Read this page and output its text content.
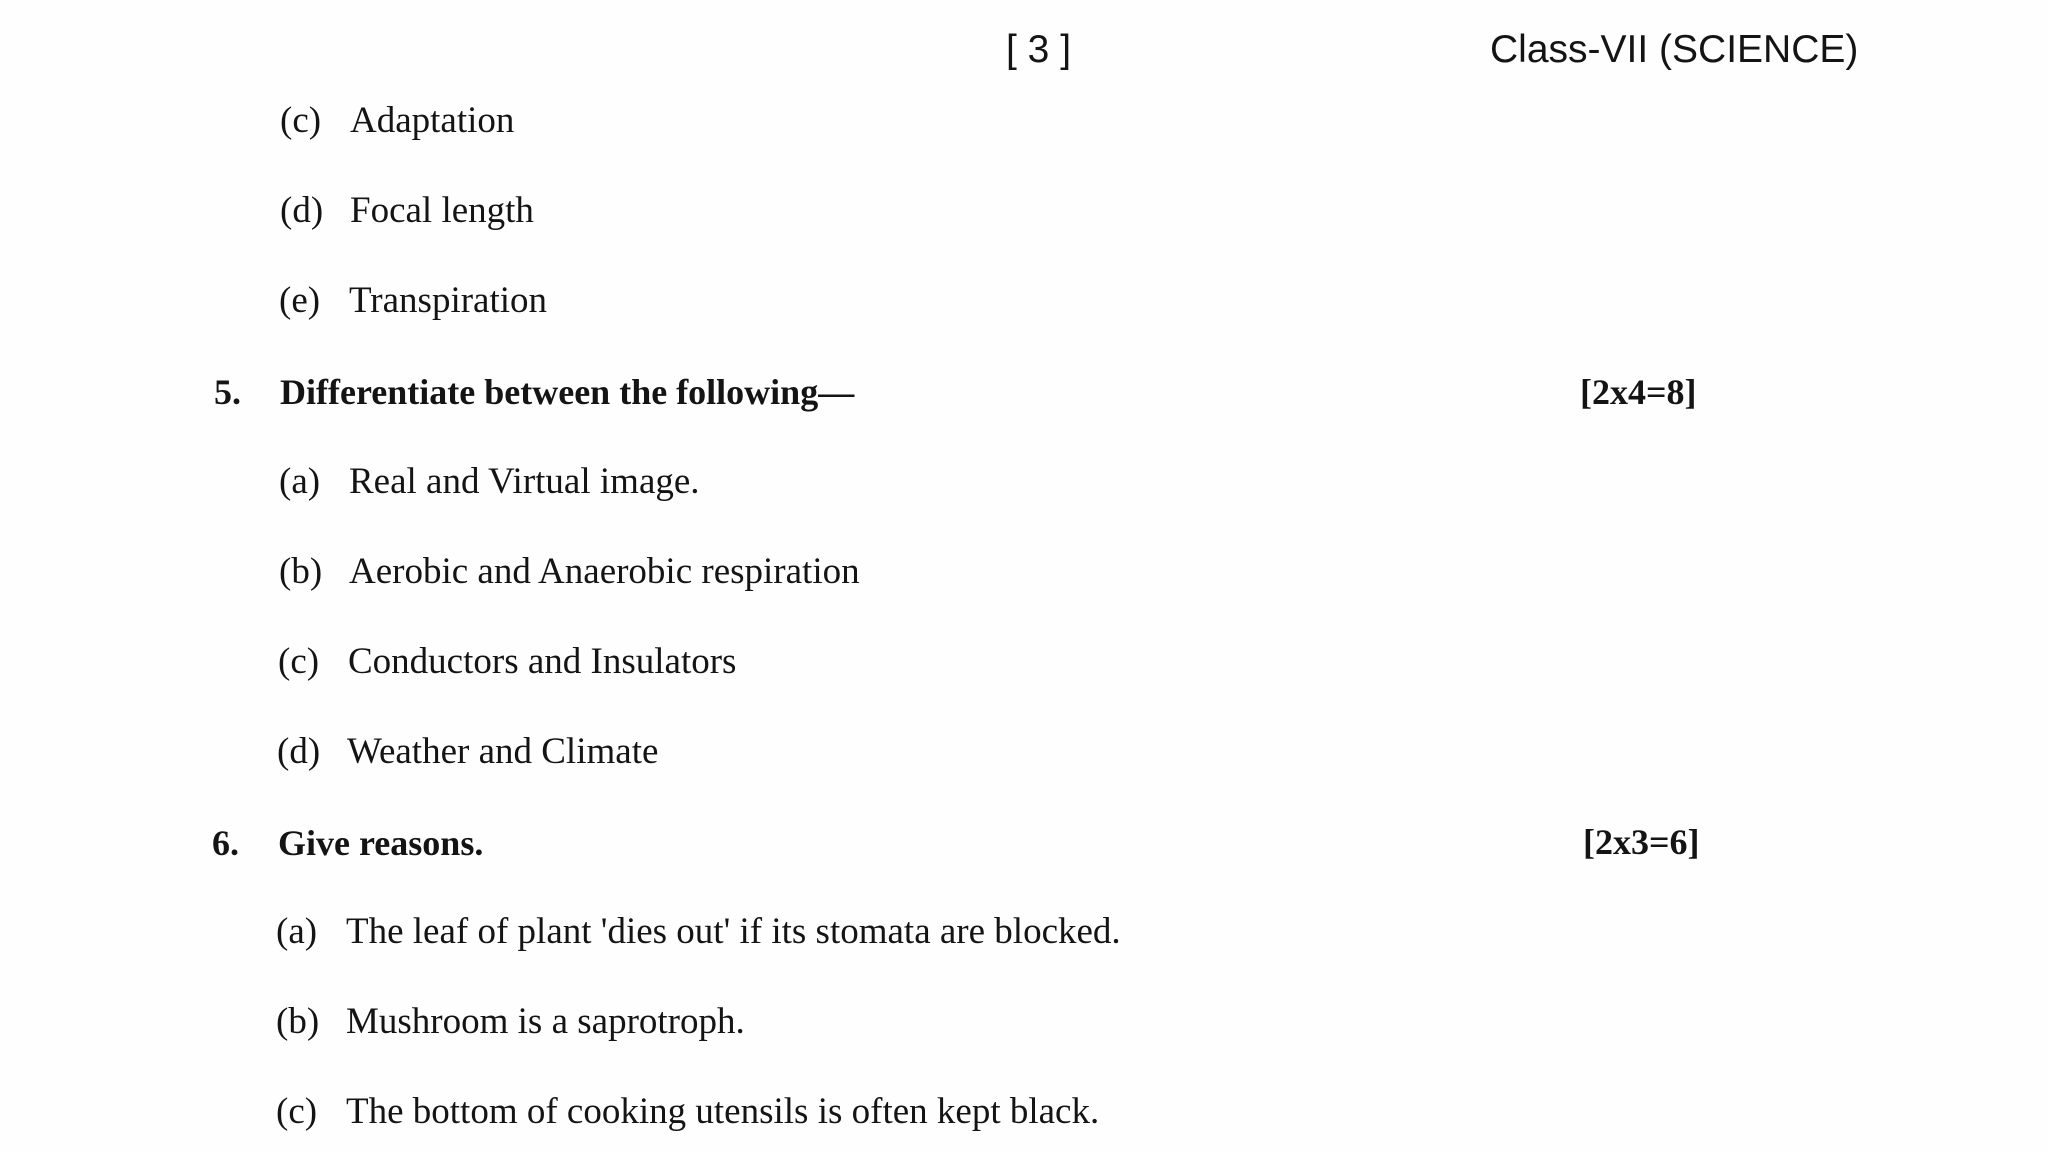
[ 3 ]	Class-VII (SCIENCE)
(c) Adaptation
(d) Focal length
(e) Transpiration
5. Differentiate between the following—	[2x4=8]
(a) Real and Virtual image.
(b) Aerobic and Anaerobic respiration
(c) Conductors and Insulators
(d) Weather and Climate
6. Give reasons.	[2x3=6]
(a) The leaf of plant 'dies out' if its stomata are blocked.
(b) Mushroom is a saprotroph.
(c) The bottom of cooking utensils is often kept black.
